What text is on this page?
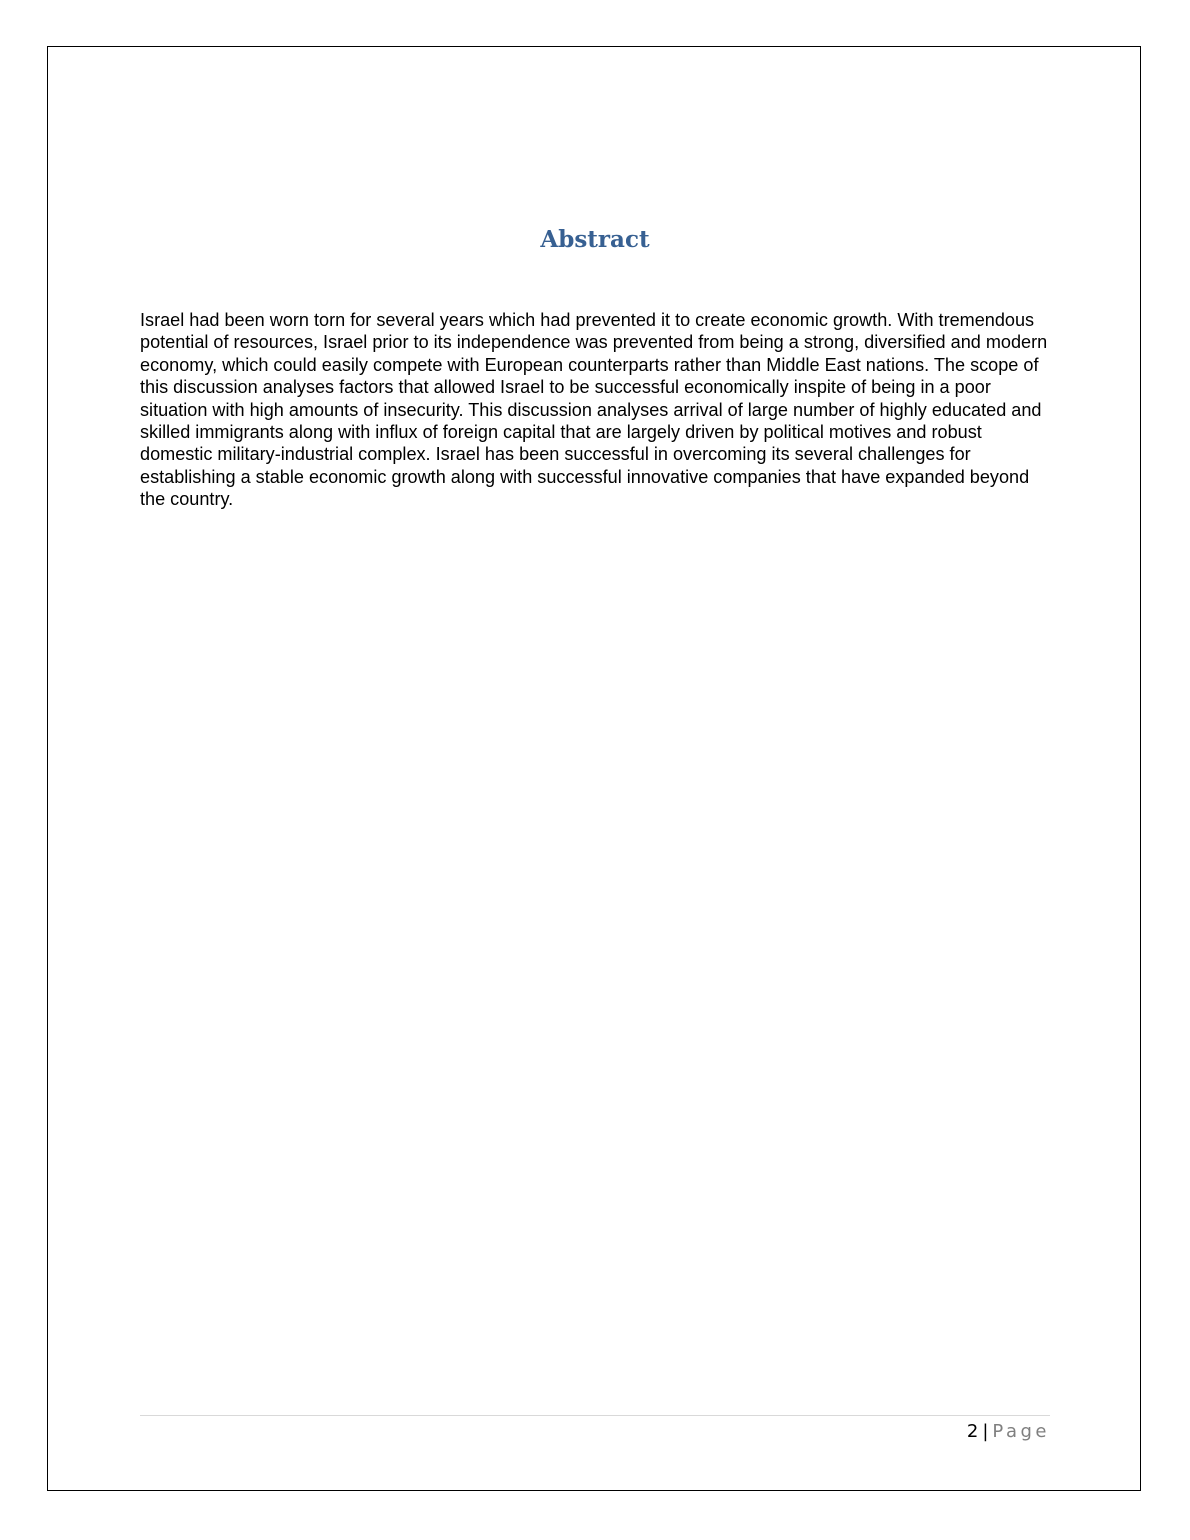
Abstract

Israel had been worn torn for several years which had prevented it to create economic growth. With tremendous potential of resources, Israel prior to its independence was prevented from being a strong, diversified and modern economy, which could easily compete with European counterparts rather than Middle East nations. The scope of this discussion analyses factors that allowed Israel to be successful economically inspite of being in a poor situation with high amounts of insecurity. This discussion analyses arrival of large number of highly educated and skilled immigrants along with influx of foreign capital that are largely driven by political motives and robust domestic military-industrial complex. Israel has been successful in overcoming its several challenges for establishing a stable economic growth along with successful innovative companies that have expanded beyond the country.

2 | Page
